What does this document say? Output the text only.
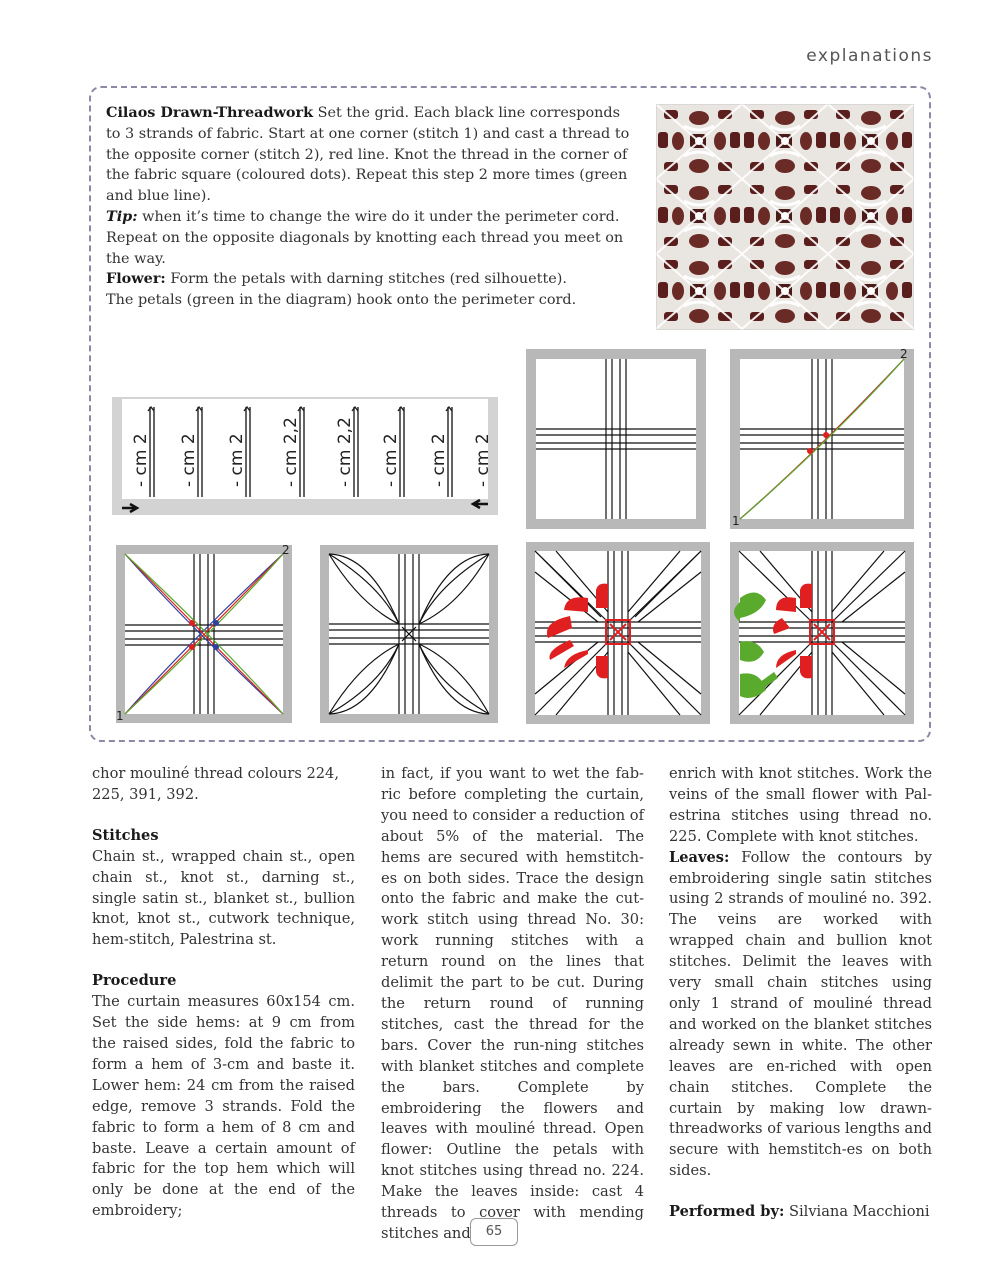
explanations

Cilaos Drawn-Threadwork Set the grid. Each black line corresponds to 3 strands of fabric. Start at one corner (stitch 1) and cast a thread to the opposite corner (stitch 2), red line. Knot the thread in the corner of the fabric square (coloured dots). Repeat this step 2 more times (green and blue line).

Tip: when it’s time to change the wire do it under the perimeter cord.

Repeat on the opposite diagonals by knotting each thread you meet on the way.

Flower: Form the petals with darning stitches (red silhouette).

The petals (green in the diagram) hook onto the perimeter cord.

- cm 2 - cm 2 - cm 2 - cm 2,2 - cm 2,2 - cm 2 - cm 2 - cm 2
1
2
1
2

chor mouliné thread colours 224, 225, 391, 392.

Stitches

Chain st., wrapped chain st., open chain st., knot st., darning st., single satin st., blanket st., bullion knot, knot st., cutwork technique, hem-stitch, Palestrina st.

Procedure

The curtain measures 60x154 cm. Set the side hems: at 9 cm from the raised sides, fold the fabric to form a hem of 3-cm and baste it. Lower hem: 24 cm from the raised edge, remove 3 strands. Fold the fabric to form a hem of 8 cm and baste. Leave a certain amount of fabric for the top hem which will only be done at the end of the embroidery;

in fact, if you want to wet the fab-ric before completing the curtain, you need to consider a reduction of about 5% of the material. The hems are secured with hemstitch-es on both sides. Trace the design onto the fabric and make the cut-work stitch using thread No. 30: work running stitches with a return round on the lines that delimit the part to be cut. During the return round of running stitches, cast the thread for the bars. Cover the run-ning stitches with blanket stitches and complete the bars. Complete by embroidering the flowers and leaves with mouliné thread. Open flower: Outline the petals with knot stitches using thread no. 224. Make the leaves inside: cast 4 threads to cover with mending stitches and

enrich with knot stitches. Work the veins of the small flower with Pal-estrina stitches using thread no. 225. Complete with knot stitches.

Leaves: Follow the contours by embroidering single satin stitches using 2 strands of mouliné no. 392. The veins are worked with wrapped chain and bullion knot stitches. Delimit the leaves with very small chain stitches using only 1 strand of mouliné thread and worked on the blanket stitches already sewn in white. The other leaves are en-riched with open chain stitches. Complete the curtain by making low drawn-threadworks of various lengths and secure with hemstitch-es on both sides.

Performed by: Silviana Macchioni

65
